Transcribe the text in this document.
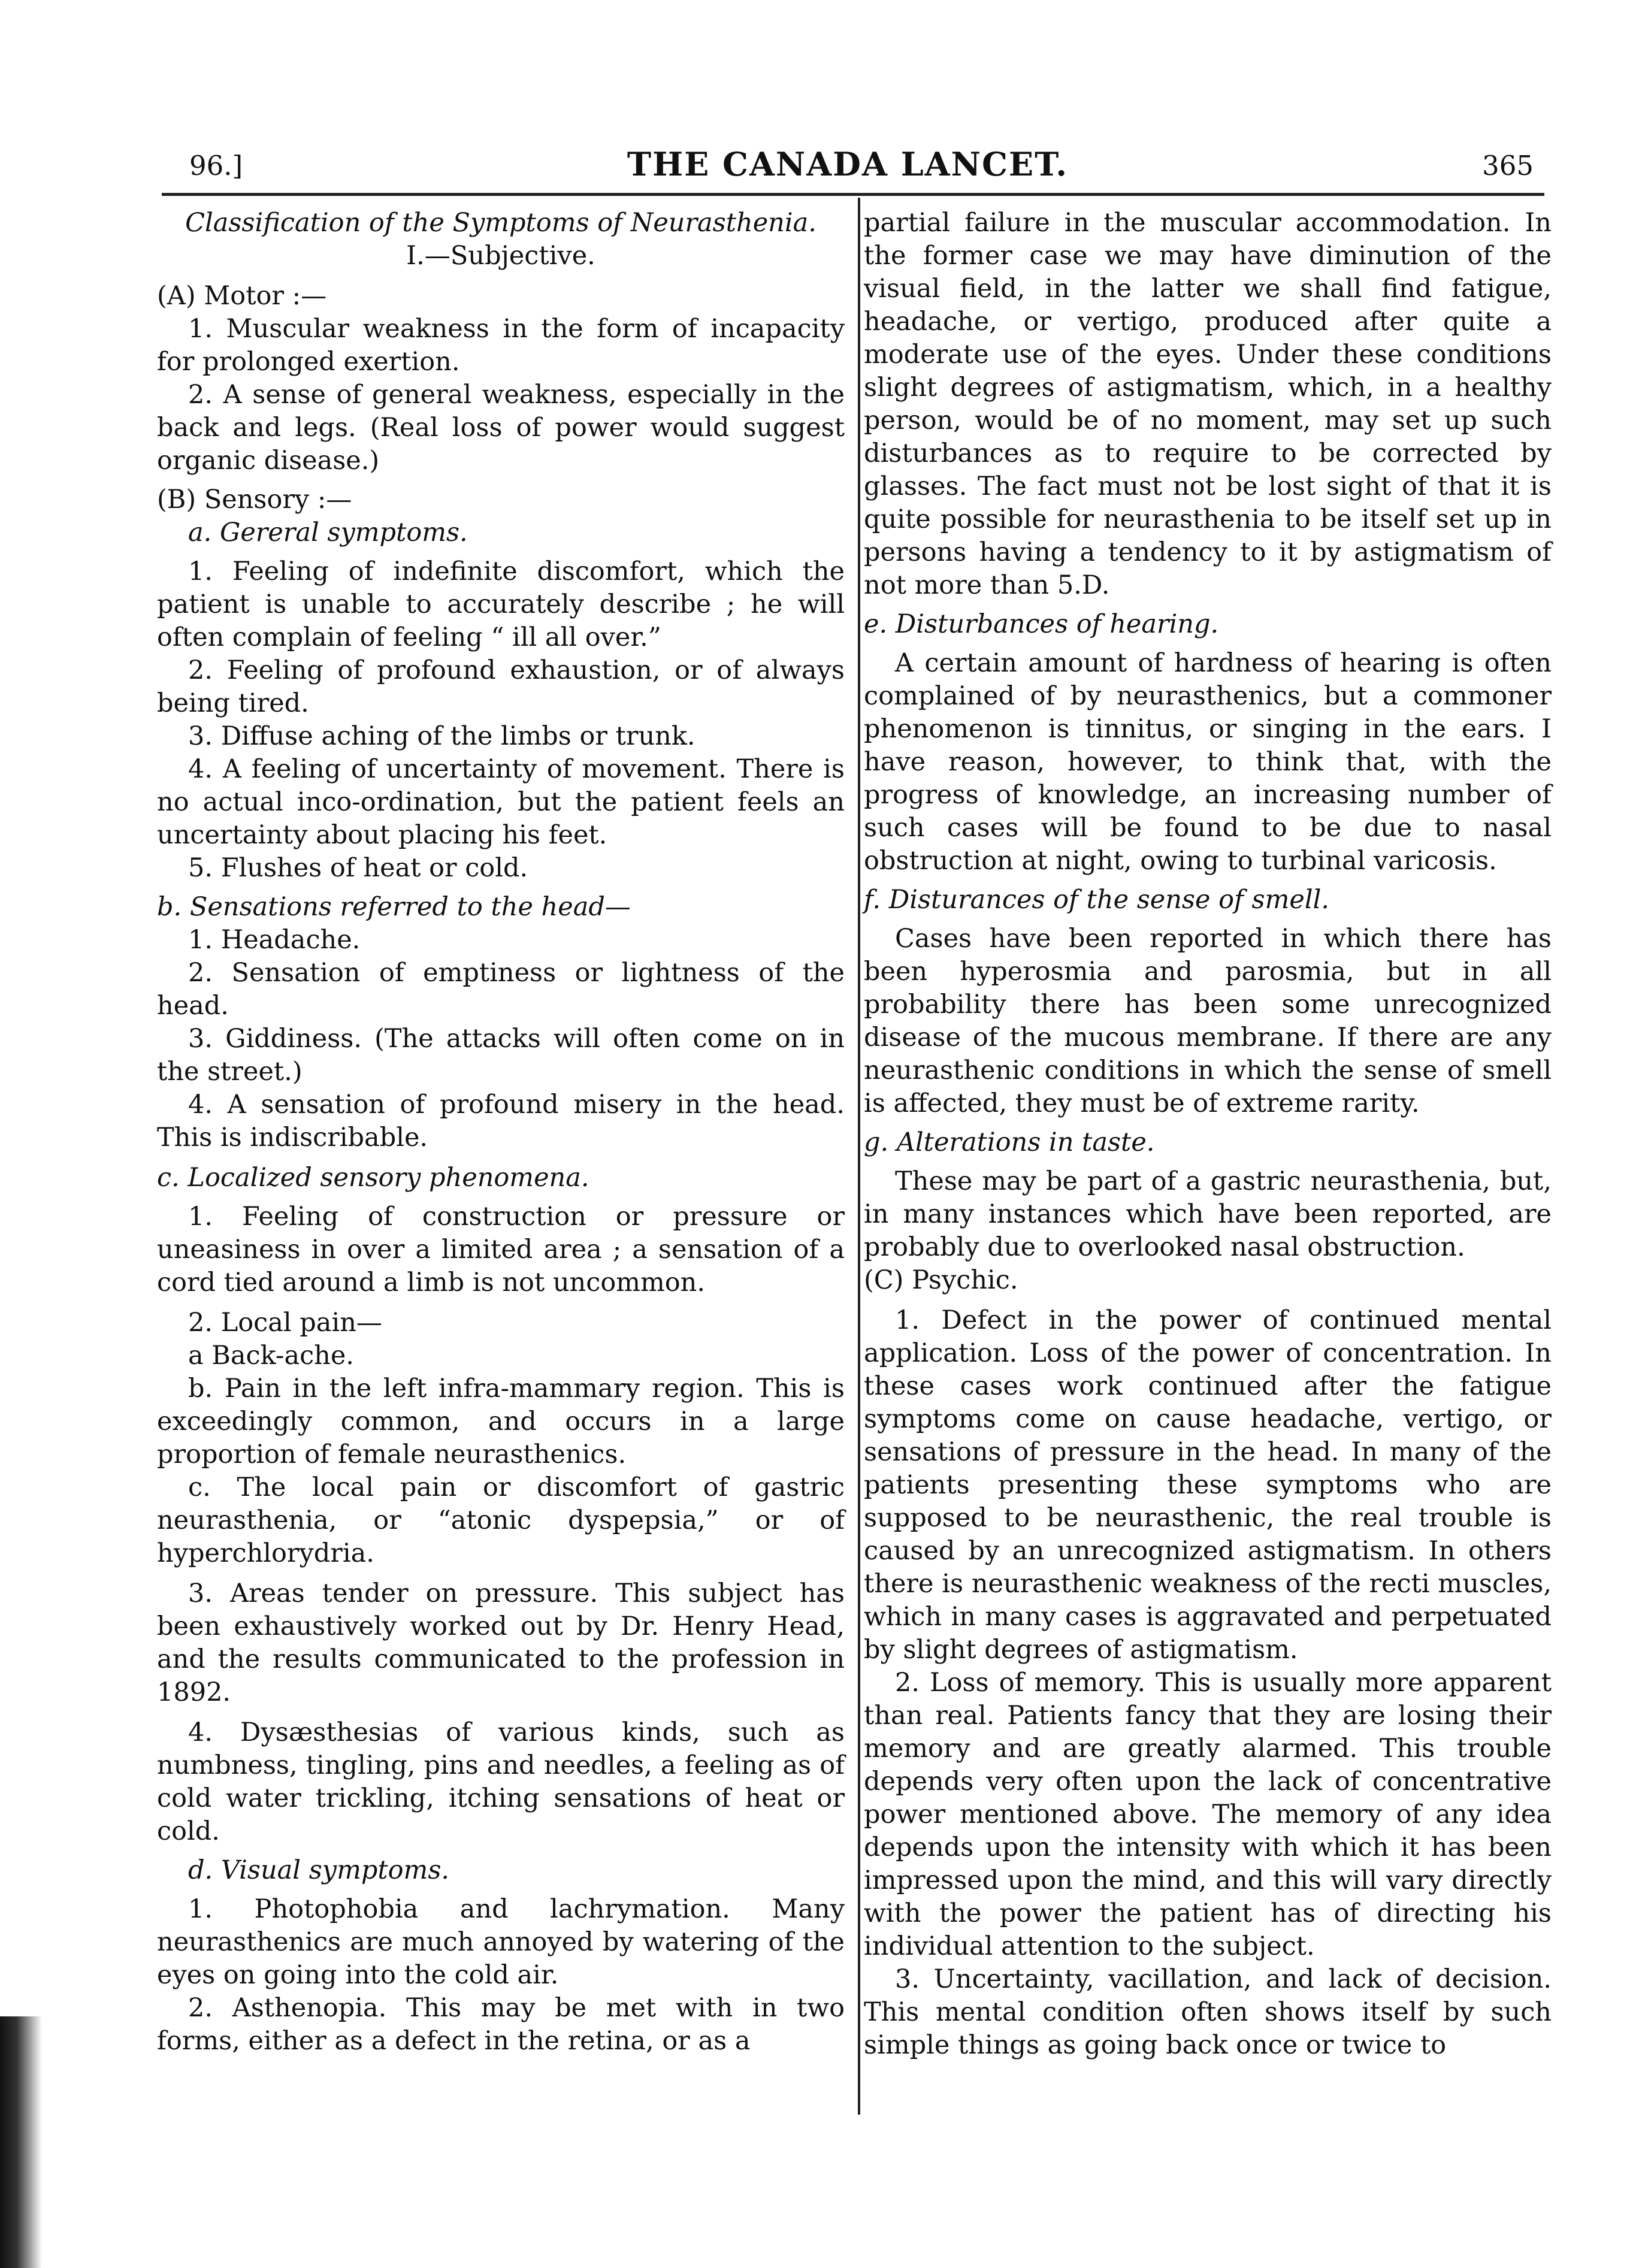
96.]	THE CANADA LANCET.	365

Classification of the Symptoms of Neurasthenia.

I.—Subjective.

(A) Motor :—

1. Muscular weakness in the form of incapacity for prolonged exertion.

2. A sense of general weakness, especially in the back and legs. (Real loss of power would suggest organic disease.)

(B) Sensory :—

a. Gereral symptoms.

1. Feeling of indefinite discomfort, which the patient is unable to accurately describe ; he will often complain of feeling “ ill all over.”

2. Feeling of profound exhaustion, or of always being tired.

3. Diffuse aching of the limbs or trunk.

4. A feeling of uncertainty of movement. There is no actual inco-ordination, but the patient feels an uncertainty about placing his feet.

5. Flushes of heat or cold.

b. Sensations referred to the head—

1. Headache.

2. Sensation of emptiness or lightness of the head.

3. Giddiness. (The attacks will often come on in the street.)

4. A sensation of profound misery in the head. This is indiscribable.

c. Localized sensory phenomena.

1. Feeling of construction or pressure or uneasiness in over a limited area ; a sensation of a cord tied around a limb is not uncommon.

2. Local pain—

a Back-ache.

b. Pain in the left infra-mammary region. This is exceedingly common, and occurs in a large proportion of female neurasthenics.

c. The local pain or discomfort of gastric neurasthenia, or “atonic dyspepsia,” or of hyperchlorydria.

3. Areas tender on pressure. This subject has been exhaustively worked out by Dr. Henry Head, and the results communicated to the profession in 1892.

4. Dysæsthesias of various kinds, such as numbness, tingling, pins and needles, a feeling as of cold water trickling, itching sensations of heat or cold.

d. Visual symptoms.

1. Photophobia and lachrymation. Many neurasthenics are much annoyed by watering of the eyes on going into the cold air.

2. Asthenopia. This may be met with in two forms, either as a defect in the retina, or as a

partial failure in the muscular accommodation. In the former case we may have diminution of the visual field, in the latter we shall find fatigue, headache, or vertigo, produced after quite a moderate use of the eyes. Under these conditions slight degrees of astigmatism, which, in a healthy person, would be of no moment, may set up such disturbances as to require to be corrected by glasses. The fact must not be lost sight of that it is quite possible for neurasthenia to be itself set up in persons having a tendency to it by astigmatism of not more than 5.D.

e. Disturbances of hearing.

A certain amount of hardness of hearing is often complained of by neurasthenics, but a commoner phenomenon is tinnitus, or singing in the ears. I have reason, however, to think that, with the progress of knowledge, an increasing number of such cases will be found to be due to nasal obstruction at night, owing to turbinal varicosis.

f. Disturances of the sense of smell.

Cases have been reported in which there has been hyperosmia and parosmia, but in all probability there has been some unrecognized disease of the mucous membrane. If there are any neurasthenic conditions in which the sense of smell is affected, they must be of extreme rarity.

g. Alterations in taste.

These may be part of a gastric neurasthenia, but, in many instances which have been reported, are probably due to overlooked nasal obstruction.

(C) Psychic.

1. Defect in the power of continued mental application. Loss of the power of concentration. In these cases work continued after the fatigue symptoms come on cause headache, vertigo, or sensations of pressure in the head. In many of the patients presenting these symptoms who are supposed to be neurasthenic, the real trouble is caused by an unrecognized astigmatism. In others there is neurasthenic weakness of the recti muscles, which in many cases is aggravated and perpetuated by slight degrees of astigmatism.

2. Loss of memory. This is usually more apparent than real. Patients fancy that they are losing their memory and are greatly alarmed. This trouble depends very often upon the lack of concentrative power mentioned above. The memory of any idea depends upon the intensity with which it has been impressed upon the mind, and this will vary directly with the power the patient has of directing his individual attention to the subject.

3. Uncertainty, vacillation, and lack of decision. This mental condition often shows itself by such simple things as going back once or twice to
